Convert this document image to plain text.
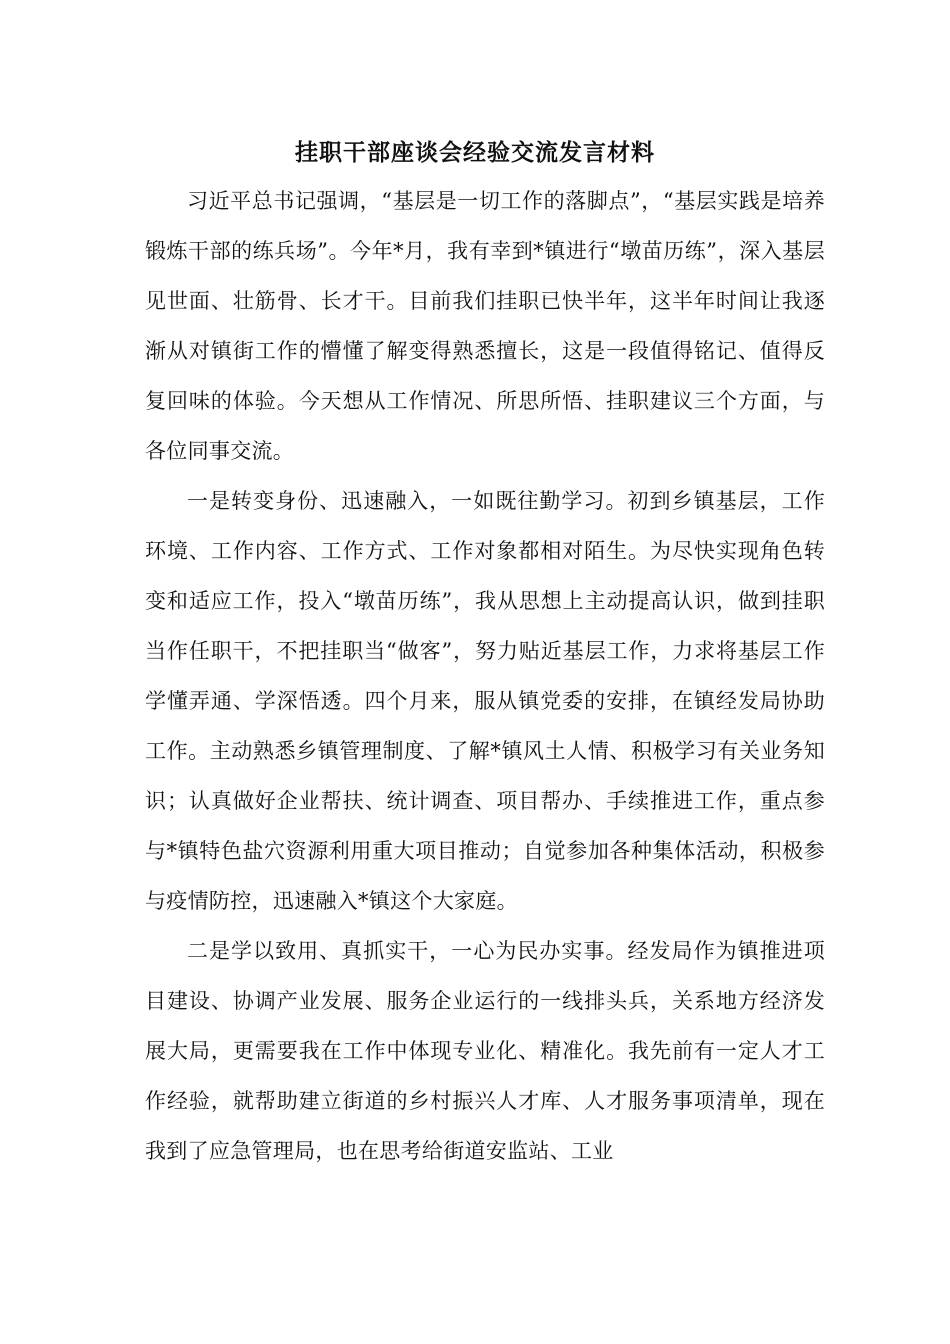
挂职干部座谈会经验交流发言材料

习近平总书记强调，“基层是一切工作的落脚点”，“基层实践是培养锻炼干部的练兵场”。今年*月，我有幸到*镇进行“墩苗历练”，深入基层见世面、壮筋骨、长才干。目前我们挂职已快半年，这半年时间让我逐渐从对镇街工作的懵懂了解变得熟悉擅长，这是一段值得铭记、值得反复回味的体验。今天想从工作情况、所思所悟、挂职建议三个方面，与各位同事交流。

一是转变身份、迅速融入，一如既往勤学习。初到乡镇基层，工作环境、工作内容、工作方式、工作对象都相对陌生。为尽快实现角色转变和适应工作，投入“墩苗历练”，我从思想上主动提高认识，做到挂职当作任职干，不把挂职当“做客”，努力贴近基层工作，力求将基层工作学懂弄通、学深悟透。四个月来，服从镇党委的安排，在镇经发局协助工作。主动熟悉乡镇管理制度、了解*镇风土人情、积极学习有关业务知识；认真做好企业帮扶、统计调查、项目帮办、手续推进工作，重点参与*镇特色盐穴资源利用重大项目推动；自觉参加各种集体活动，积极参与疫情防控，迅速融入*镇这个大家庭。

二是学以致用、真抓实干，一心为民办实事。经发局作为镇推进项目建设、协调产业发展、服务企业运行的一线排头兵，关系地方经济发展大局，更需要我在工作中体现专业化、精准化。我先前有一定人才工作经验，就帮助建立街道的乡村振兴人才库、人才服务事项清单，现在我到了应急管理局，也在思考给街道安监站、工业
